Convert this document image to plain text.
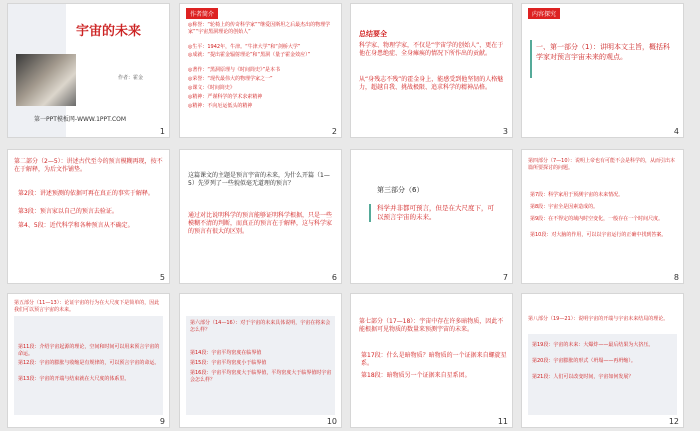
宇宙的未来
作者：霍金
第一PPT模板网-WWW.1PPT.COM
1
作者简介
◎称誉：“轮椅上的传奇科学家”“继爱因斯坦之后最杰出的物理学家”“宇宙黑洞理论的创始人”
◎生平：1942年，牛津。“牛津大学”和“剑桥大学”
◎成就：“提出霍金辐射理论”和“黑洞（量子霍金效应）”
◎著作：“黑洞原理与《时间简史》”是本书
◎荣誉：“现代最伟大的物理学家之一”
◎课文：《时间简史》
◎精神：严谨科学的学术求索精神
◎精神：不向厄运低头的精神
2
总结要全
科学家、物理学家，不仅是“宇宙学的创始人”，更在于他在身患绝症、全身瘫痪的情况下所作出的贡献。
从“身残志不残”的霍金身上，能感受到他坚韧的人格魅力，超越自我、挑战极限、追求科学的精神品格。
3
内容探究
一、第一部分（1）：讲明本文主旨，概括科学家对预言宇宙未来的观点。
4
第二部分（2—5）：讲述古代至今的预言模糊再现，按不在于解释，为后文作铺垫。
第2段：讲述预测的依据可再在真正的事实于解释。
第3段：预言家以自己的预言去验证。
第4、5段：近代科学和各种预言从不确定。
5
这篇课文的主题是预言宇宙的未来，为什么开篇（1—5）先罗列了一些貌似毫无道理的预言？
通过对比说明科学的预言能够证明科学根据，只是一些模糊不清的判断，而真正的预言在于解释，这与科学家的预言有很大的区别。
6
第三部分（6）
科学并非都可预言，但是在大尺度下，可以预言宇宙的未来。
7
第四部分（7—10）：说明上帝也有可能不会是科学的，从而引出本篇所要探讨的问题。
第7段：科学家用于预测宇宙的未来情况。
第8段：宇宙全是因素造成的。
第9段：在不得定的域内时空变化，一般存在一个时间尺度。
第10段：对大脑的作用，可以以宇宙运行的正确中找到答案。
8
第五部分（11—13）：论证宇宙的行为在大尺度下是简单的，因此我们可以预言宇宙的未来。
第11段：介绍宇宙起源的理论，空间和时间可以用来预言宇宙的命运。
第12段：宇宙的膨胀与收缩是有规律的，可以预言宇宙的命运。
第13段：宇宙的开端与结束就在大尺度的体系里。
9
第六部分（14—16）：对于宇宙的未来具体说明，宇宙在将来会怎么样？
第14段：宇宙平均密度在临界值
第15段：宇宙平均密度小于临界值
第16段：宇宙平均密度大于临界值，平均密度大于临界值时宇宙会怎么样？
10
第七部分（17—18）：宇宙中存在许多暗物质，因此不能根据可见物质的数量来预测宇宙的未来。
第17段：什么是暗物质？暗物质的一个证据来自螺旋星系。
第18段：暗物质另一个证据来自星系团。
11
第八部分（19—21）：说明宇宙的开端与宇宙未来结局的理论。
第19段：宇宙的未来：大爆炸——最后结果为大挤压。
第20段：宇宙膨胀的形式（坍塌——再坍缩）。
第21段：人们可以改变时间，宇宙如何发展？
12
